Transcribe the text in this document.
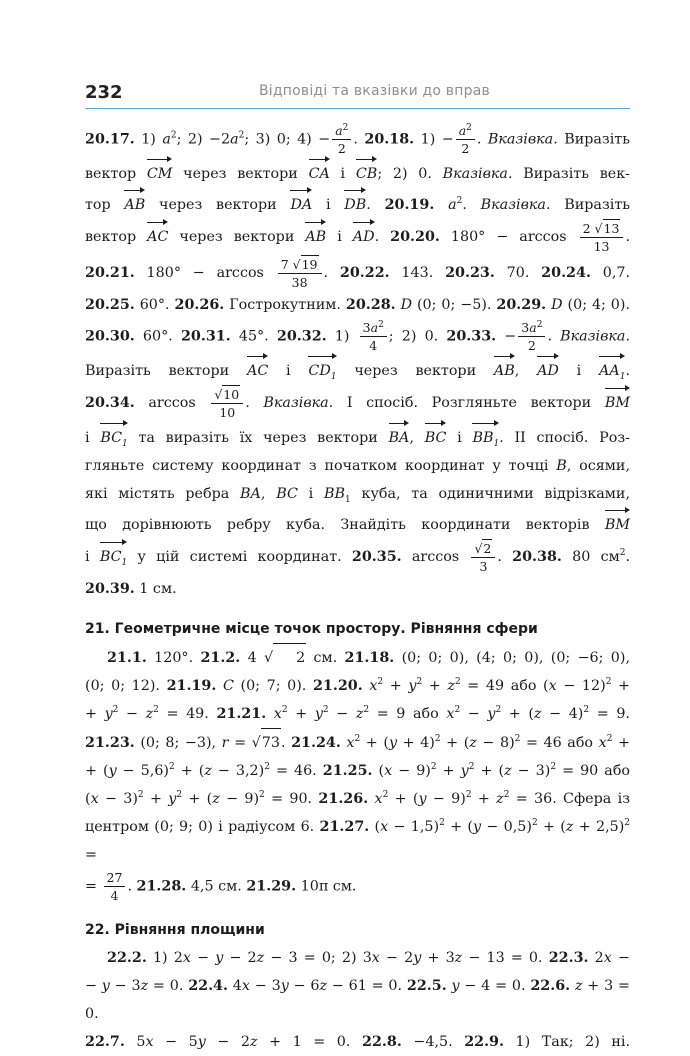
232	Відповіді та вказівки до вправ

20.17. 1) $a^2$; $2) -2a^2$; 3) 0; $4) - \frac{a^2}{2}$ . 20.18. $1) - \frac{a^2}{2}$ . Вказівка. Виразіть

вектор CM через вектори CA і CB; 2) 0. Вказівка. Виразіть век-

тор AB через вектори DA і DB. 20.19. $a^2$. Вказівка. Виразіть

вектор AC через вектори AB і AD. 20.20. $180^\circ - \arccos \frac{2 √13}{13}$ .

20.21. $180^\circ - \arccos \frac{7 √19}{38}$ . 20.22. 143. 20.23. 70. 20.24. 0,7.

20.25. 60°. 20.26. Гострокутним. 20.28. D (0; 0; −5). 20.29. D (0; 4; 0).

20.30. 60°. 20.31. 45°. 20.32. $1) \frac{3a^2}{4}$ ; 2) 0. 20.33. − $\frac{3a^2}{2}$ . Вказівка.

Виразіть вектори AC і $CD_1$ через вектори AB, AD і $AA_1$.

20.34. $\arccos \frac{√10}{10}$ . Вказівка. І спосіб. Розгляньте вектори BM

і $BC_1$ та виразіть їх через вектори BA, BC і $BB_1$. ІІ спосіб. Роз-

гляньте систему координат з початком координат у точці B, осями,

які містять ребра BA, BC і $BB_1$ куба, та одиничними відрізками,

що дорівнюють ребру куба. Знайдіть координати векторів BM

і $BC_1$ у цій системі координат. 20.35. $\arccos \frac{√2}{3}$ . 20.38. 80 $см^2$.

20.39. 1 см.

21. Геометричне місце точок простору. Рівняння сфери

21.1. 120°. 21.2. 4 √ 2 см. 21.18. (0; 0; 0), (4; 0; 0), (0; −6; 0),

(0; 0; 12). 21.19. C (0; 7; 0). 21.20. $x^2 + y^2 + z^2 = 49$ або $(x - 12)^2$ +

+ $y^2 - z^2 = 49$. 21.21. $x^2 + y^2 - z^2 = 9$ або $x^2 - y^2 + (z - 4)^2 = 9$.

21.23. (0; 8; −3), r = √73. 21.24. $x^2 + (y + 4)^2 + (z - 8)^2 = 46$ або $x^2$ +

+ $(y - 5,6)^2 + (z - 3,2)^2 = 46$. 21.25. $(x - 9)^2 + y^2 + (z - 3)^2 = 90$ або

$(x - 3)^2 + y^2 + (z - 9)^2 = 90$. 21.26. $x^2 + (y - 9)^2 + z^2 = 36$. Сфера із

центром (0; 9; 0) і радіусом 6. 21.27. $(x - 1,5)^2 + (y - 0,5)^2 + (z + 2,5)^2$ =

= $\frac{27}{4}$ . 21.28. 4,5 см. 21.29. 10π см.

22. Рівняння площини

22.2. 1) 2x − y − 2z − 3 = 0; 2) 3x − 2y + 3z − 13 = 0. 22.3. 2x −

− y − 3z = 0. 22.4. 4x − 3y − 6z − 61 = 0. 22.5. y − 4 = 0. 22.6. z + 3 = 0.

22.7. 5x − 5y − 2z + 1 = 0. 22.8. −4,5. 22.9. 1) Так; 2) ні.
